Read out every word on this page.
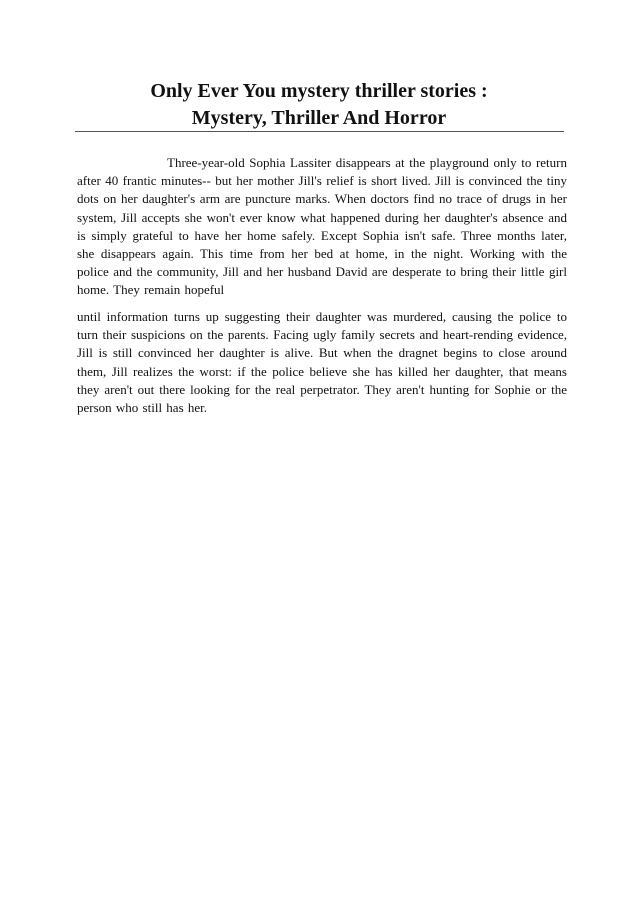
Only Ever You mystery thriller stories :
Mystery, Thriller And Horror

Three-year-old Sophia Lassiter disappears at the playground only to return after 40 frantic minutes-- but her mother Jill's relief is short lived. Jill is convinced the tiny dots on her daughter's arm are puncture marks. When doctors find no trace of drugs in her system, Jill accepts she won't ever know what happened during her daughter's absence and is simply grateful to have her home safely. Except Sophia isn't safe. Three months later, she disappears again. This time from her bed at home, in the night. Working with the police and the community, Jill and her husband David are desperate to bring their little girl home. They remain hopeful

until information turns up suggesting their daughter was murdered, causing the police to turn their suspicions on the parents. Facing ugly family secrets and heart-rending evidence, Jill is still convinced her daughter is alive. But when the dragnet begins to close around them, Jill realizes the worst: if the police believe she has killed her daughter, that means they aren't out there looking for the real perpetrator. They aren't hunting for Sophie or the person who still has her.
